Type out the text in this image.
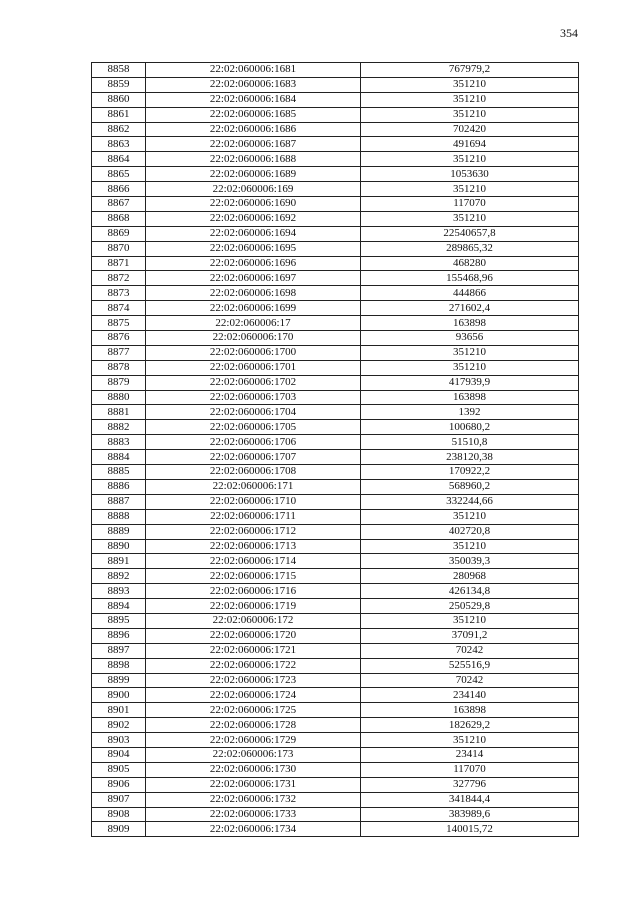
354
8858	22:02:060006:1681	767979,2
8859	22:02:060006:1683	351210
8860	22:02:060006:1684	351210
8861	22:02:060006:1685	351210
8862	22:02:060006:1686	702420
8863	22:02:060006:1687	491694
8864	22:02:060006:1688	351210
8865	22:02:060006:1689	1053630
8866	22:02:060006:169	351210
8867	22:02:060006:1690	117070
8868	22:02:060006:1692	351210
8869	22:02:060006:1694	22540657,8
8870	22:02:060006:1695	289865,32
8871	22:02:060006:1696	468280
8872	22:02:060006:1697	155468,96
8873	22:02:060006:1698	444866
8874	22:02:060006:1699	271602,4
8875	22:02:060006:17	163898
8876	22:02:060006:170	93656
8877	22:02:060006:1700	351210
8878	22:02:060006:1701	351210
8879	22:02:060006:1702	417939,9
8880	22:02:060006:1703	163898
8881	22:02:060006:1704	1392
8882	22:02:060006:1705	100680,2
8883	22:02:060006:1706	51510,8
8884	22:02:060006:1707	238120,38
8885	22:02:060006:1708	170922,2
8886	22:02:060006:171	568960,2
8887	22:02:060006:1710	332244,66
8888	22:02:060006:1711	351210
8889	22:02:060006:1712	402720,8
8890	22:02:060006:1713	351210
8891	22:02:060006:1714	350039,3
8892	22:02:060006:1715	280968
8893	22:02:060006:1716	426134,8
8894	22:02:060006:1719	250529,8
8895	22:02:060006:172	351210
8896	22:02:060006:1720	37091,2
8897	22:02:060006:1721	70242
8898	22:02:060006:1722	525516,9
8899	22:02:060006:1723	70242
8900	22:02:060006:1724	234140
8901	22:02:060006:1725	163898
8902	22:02:060006:1728	182629,2
8903	22:02:060006:1729	351210
8904	22:02:060006:173	23414
8905	22:02:060006:1730	117070
8906	22:02:060006:1731	327796
8907	22:02:060006:1732	341844,4
8908	22:02:060006:1733	383989,6
8909	22:02:060006:1734	140015,72
